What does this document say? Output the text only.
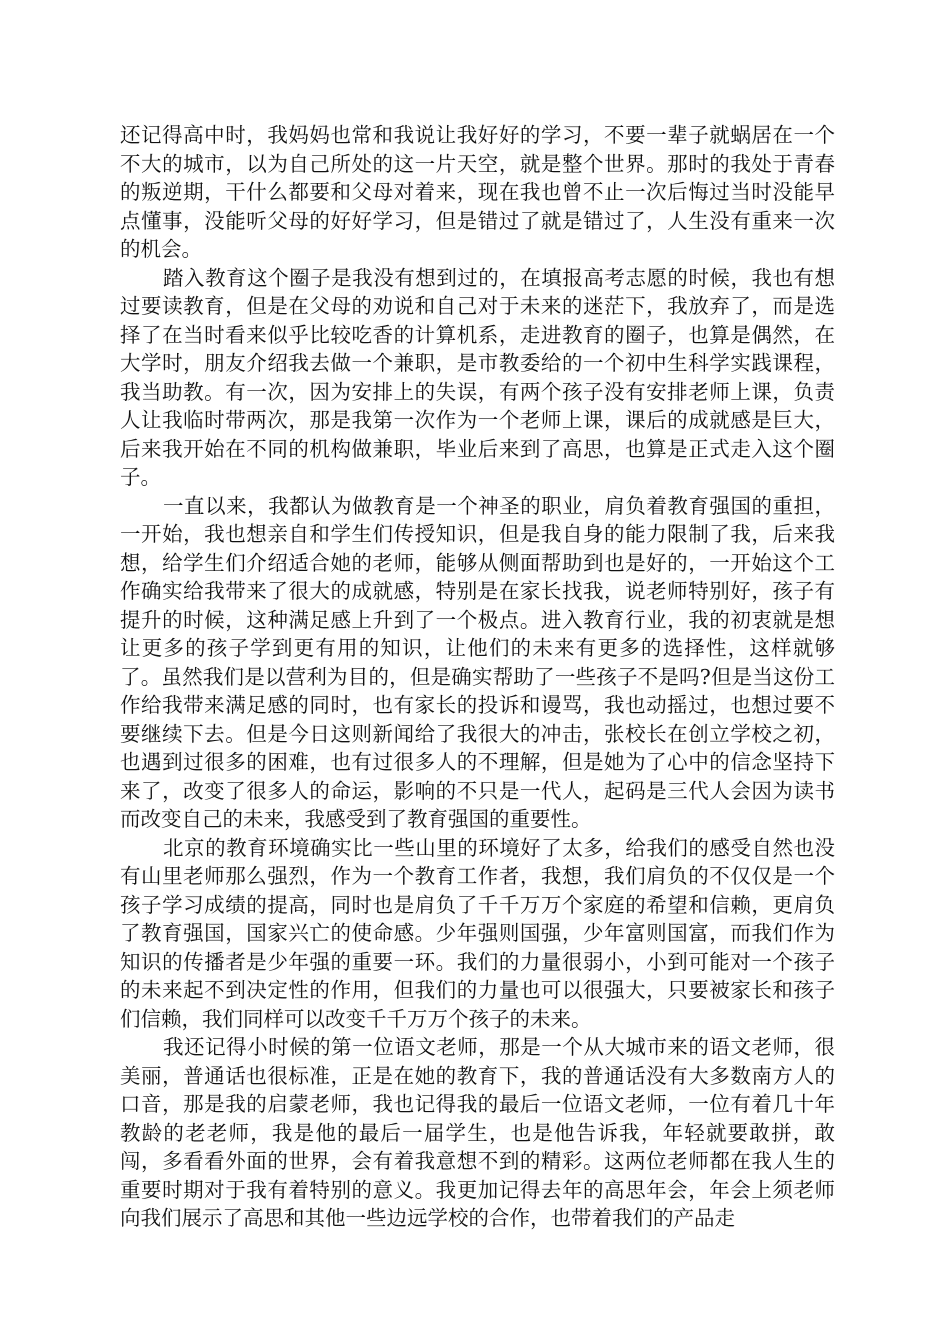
还记得高中时，我妈妈也常和我说让我好好的学习，不要一辈子就蜗居在一个不大的城市，以为自己所处的这一片天空，就是整个世界。那时的我处于青春的叛逆期，干什么都要和父母对着来，现在我也曾不止一次后悔过当时没能早点懂事，没能听父母的好好学习，但是错过了就是错过了，人生没有重来一次的机会。

踏入教育这个圈子是我没有想到过的，在填报高考志愿的时候，我也有想过要读教育，但是在父母的劝说和自己对于未来的迷茫下，我放弃了，而是选择了在当时看来似乎比较吃香的计算机系，走进教育的圈子，也算是偶然，在大学时，朋友介绍我去做一个兼职，是市教委给的一个初中生科学实践课程，我当助教。有一次，因为安排上的失误，有两个孩子没有安排老师上课，负责人让我临时带两次，那是我第一次作为一个老师上课，课后的成就感是巨大，后来我开始在不同的机构做兼职，毕业后来到了高思，也算是正式走入这个圈子。

一直以来，我都认为做教育是一个神圣的职业，肩负着教育强国的重担，一开始，我也想亲自和学生们传授知识，但是我自身的能力限制了我，后来我想，给学生们介绍适合她的老师，能够从侧面帮助到也是好的，一开始这个工作确实给我带来了很大的成就感，特别是在家长找我，说老师特别好，孩子有提升的时候，这种满足感上升到了一个极点。进入教育行业，我的初衷就是想让更多的孩子学到更有用的知识，让他们的未来有更多的选择性，这样就够了。虽然我们是以营利为目的，但是确实帮助了一些孩子不是吗?但是当这份工作给我带来满足感的同时，也有家长的投诉和谩骂，我也动摇过，也想过要不要继续下去。但是今日这则新闻给了我很大的冲击，张校长在创立学校之初，也遇到过很多的困难，也有过很多人的不理解，但是她为了心中的信念坚持下来了，改变了很多人的命运，影响的不只是一代人，起码是三代人会因为读书而改变自己的未来，我感受到了教育强国的重要性。

北京的教育环境确实比一些山里的环境好了太多，给我们的感受自然也没有山里老师那么强烈，作为一个教育工作者，我想，我们肩负的不仅仅是一个孩子学习成绩的提高，同时也是肩负了千千万万个家庭的希望和信赖，更肩负了教育强国，国家兴亡的使命感。少年强则国强，少年富则国富，而我们作为知识的传播者是少年强的重要一环。我们的力量很弱小，小到可能对一个孩子的未来起不到决定性的作用，但我们的力量也可以很强大，只要被家长和孩子们信赖，我们同样可以改变千千万万个孩子的未来。

我还记得小时候的第一位语文老师，那是一个从大城市来的语文老师，很美丽，普通话也很标准，正是在她的教育下，我的普通话没有大多数南方人的口音，那是我的启蒙老师，我也记得我的最后一位语文老师，一位有着几十年教龄的老老师，我是他的最后一届学生，也是他告诉我，年轻就要敢拼，敢闯，多看看外面的世界，会有着我意想不到的精彩。这两位老师都在我人生的重要时期对于我有着特别的意义。我更加记得去年的高思年会，年会上须老师向我们展示了高思和其他一些边远学校的合作，也带着我们的产品走
